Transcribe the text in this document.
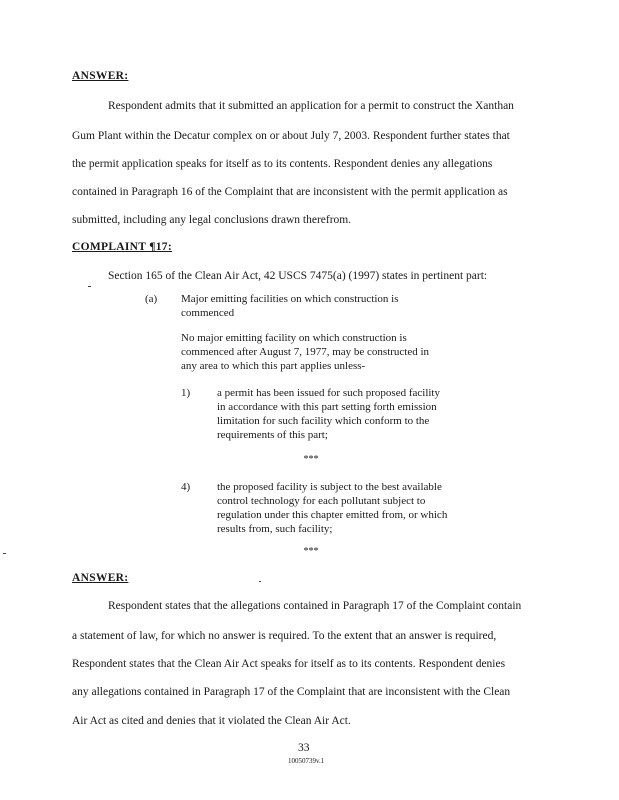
ANSWER:
Respondent admits that it submitted an application for a permit to construct the Xanthan
Gum Plant within the Decatur complex on or about July 7, 2003. Respondent further states that
the permit application speaks for itself as to its contents. Respondent denies any allegations
contained in Paragraph 16 of the Complaint that are inconsistent with the permit application as
submitted, including any legal conclusions drawn therefrom.
COMPLAINT ¶17:
Section 165 of the Clean Air Act, 42 USCS 7475(a) (1997) states in pertinent part:
(a) Major emitting facilities on which construction is
commenced
No major emitting facility on which construction is
commenced after August 7, 1977, may be constructed in
any area to which this part applies unless-
1) a permit has been issued for such proposed facility
in accordance with this part setting forth emission
limitation for such facility which conform to the
requirements of this part;
***
4) the proposed facility is subject to the best available
control technology for each pollutant subject to
regulation under this chapter emitted from, or which
results from, such facility;
***
ANSWER:
Respondent states that the allegations contained in Paragraph 17 of the Complaint contain
a statement of law, for which no answer is required. To the extent that an answer is required,
Respondent states that the Clean Air Act speaks for itself as to its contents. Respondent denies
any allegations contained in Paragraph 17 of the Complaint that are inconsistent with the Clean
Air Act as cited and denies that it violated the Clean Air Act.
33
10050739v.1
